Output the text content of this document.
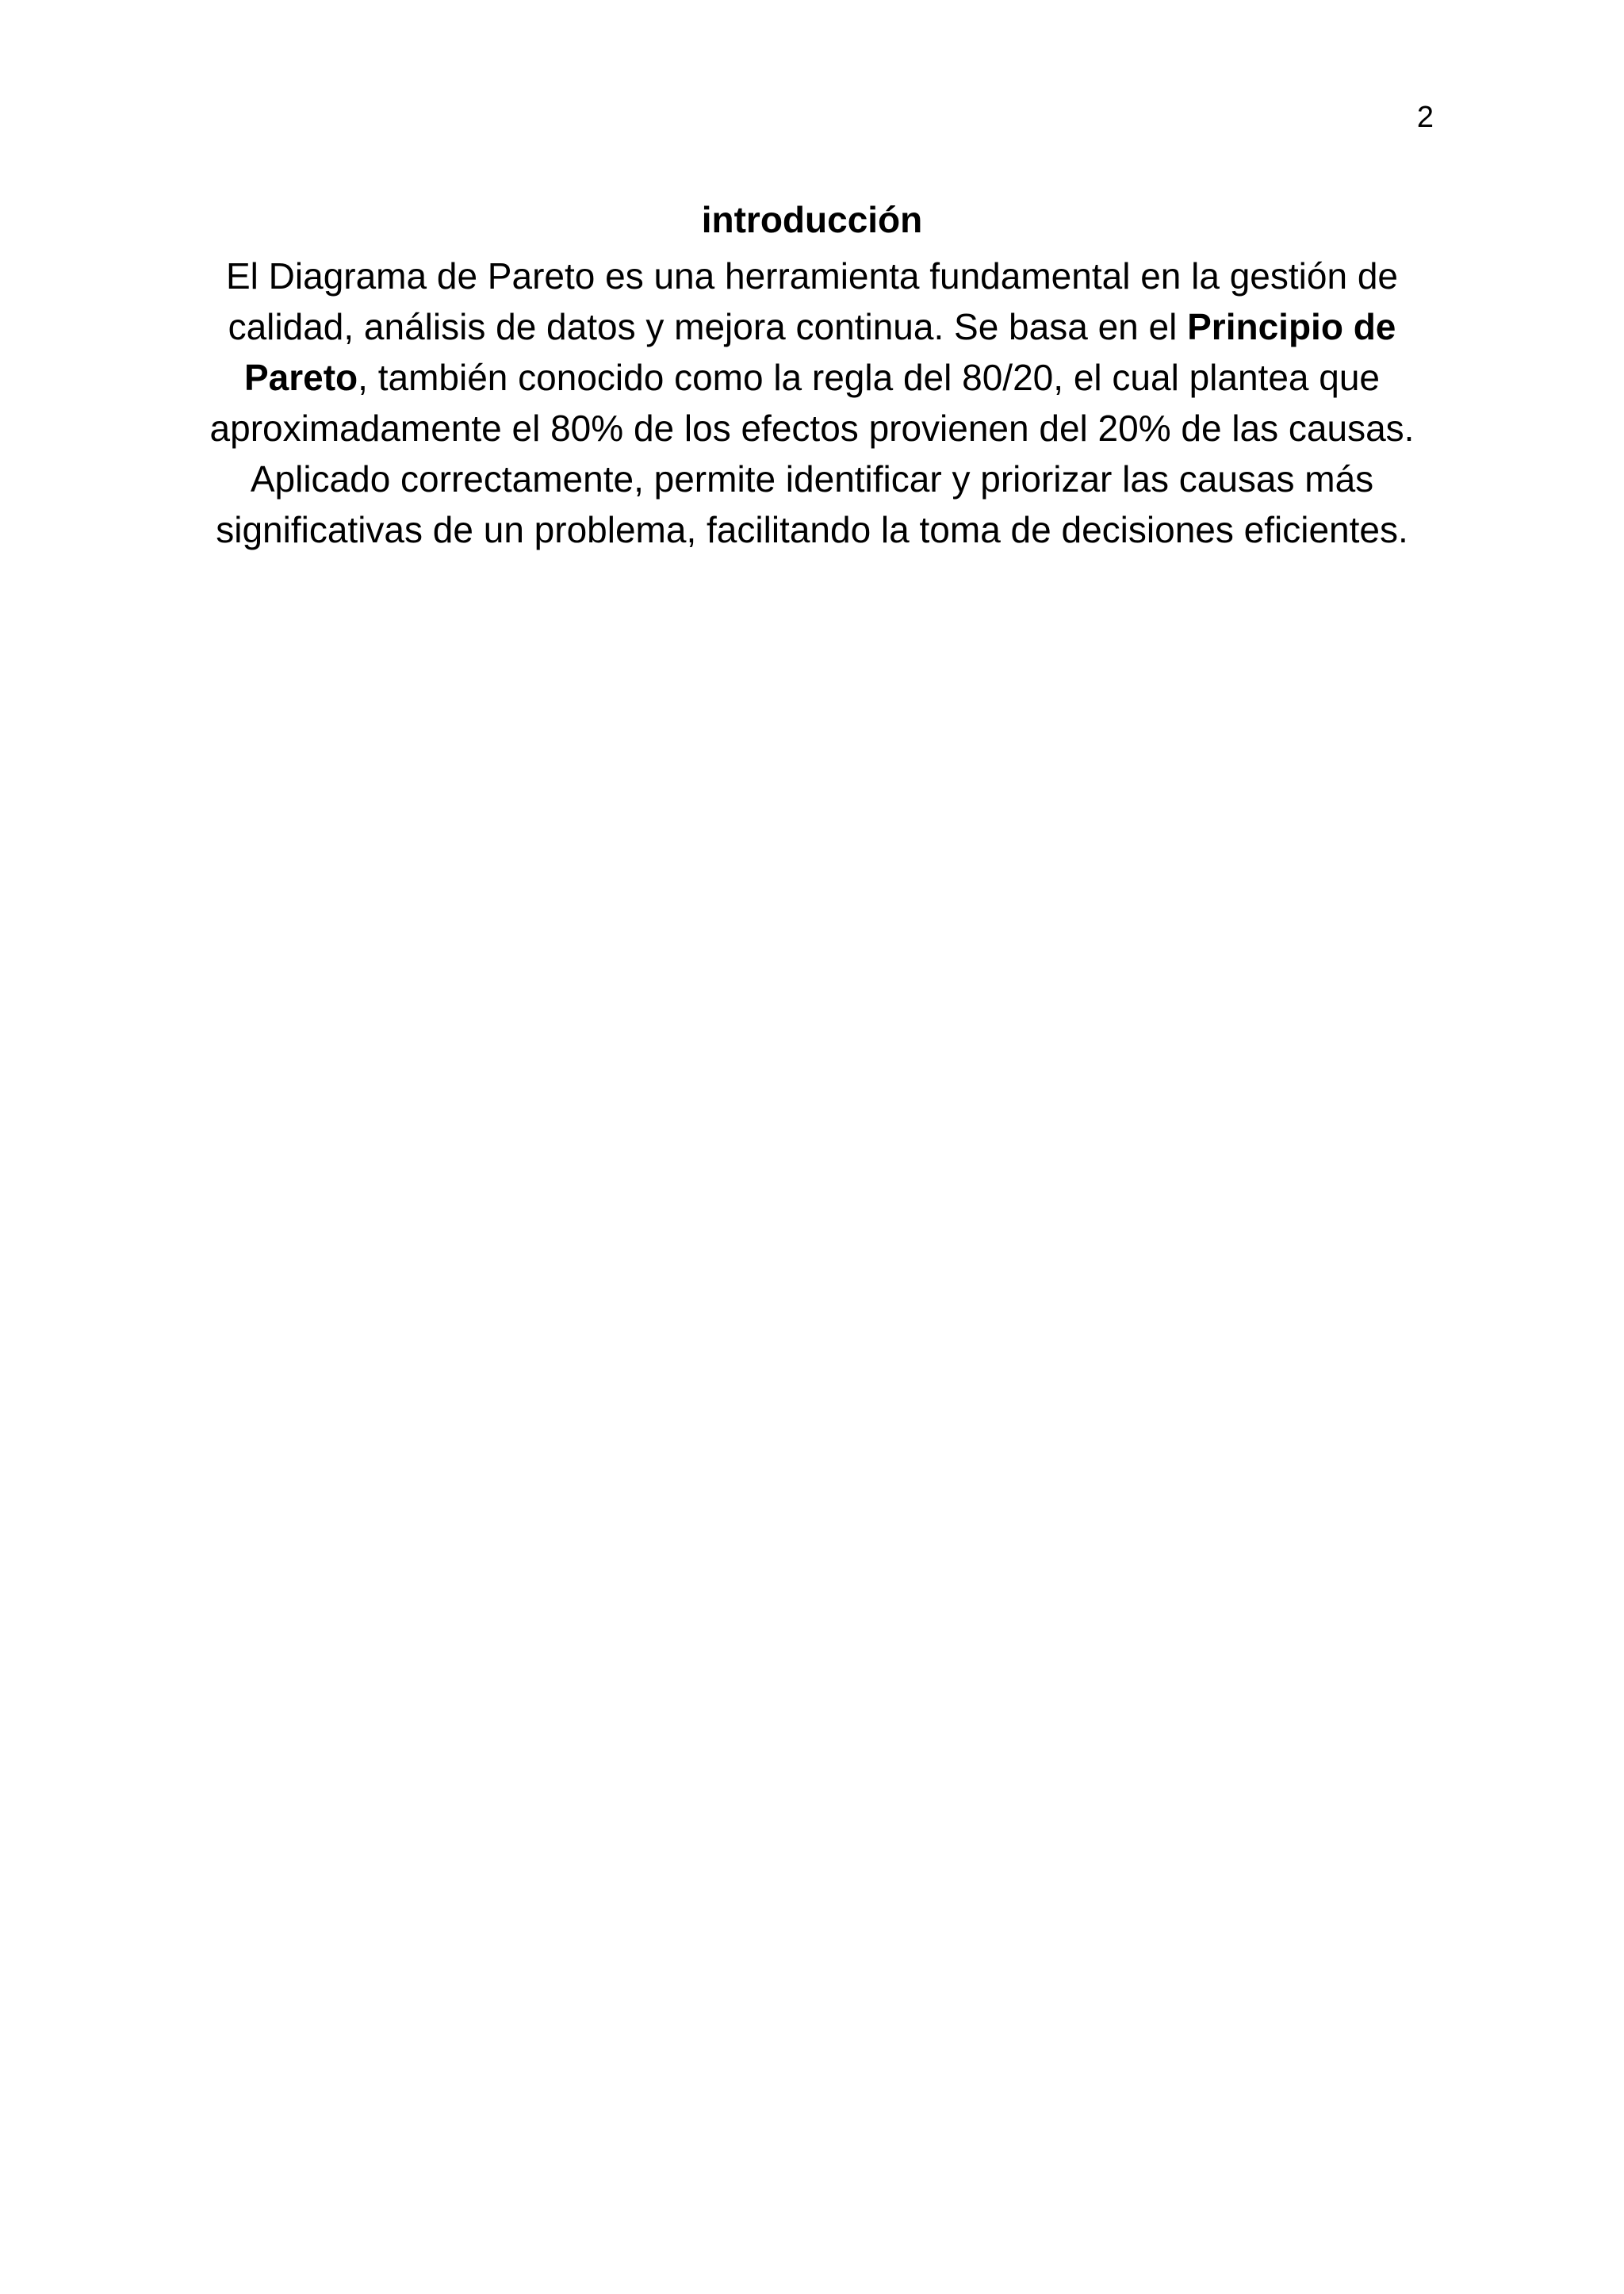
2
introducción

El Diagrama de Pareto es una herramienta fundamental en la gestión de calidad, análisis de datos y mejora continua. Se basa en el Principio de Pareto, también conocido como la regla del 80/20, el cual plantea que aproximadamente el 80% de los efectos provienen del 20% de las causas. Aplicado correctamente, permite identificar y priorizar las causas más significativas de un problema, facilitando la toma de decisiones eficientes.
